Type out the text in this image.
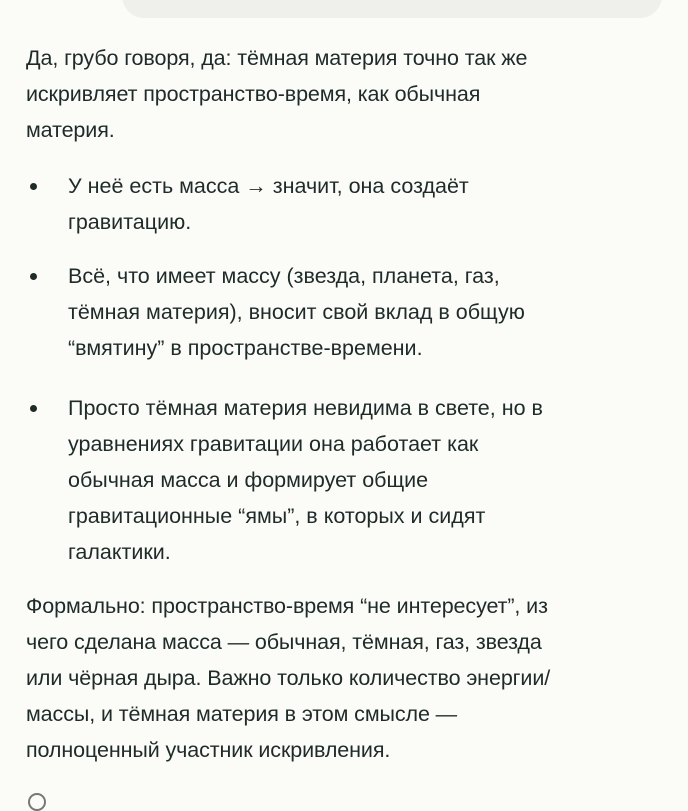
Да, грубо говоря, да: тёмная материя точно так же
искривляет пространство-время, как обычная
материя.
У неё есть масса → значит, она создаёт
гравитацию.
Всё, что имеет массу (звезда, планета, газ,
тёмная материя), вносит свой вклад в общую
“вмятину” в пространстве-времени.
Просто тёмная материя невидима в свете, но в
уравнениях гравитации она работает как
обычная масса и формирует общие
гравитационные “ямы”, в которых и сидят
галактики.
Формально: пространство-время “не интересует”, из
чего сделана масса — обычная, тёмная, газ, звезда
или чёрная дыра. Важно только количество энергии/
массы, и тёмная материя в этом смысле —
полноценный участник искривления.
